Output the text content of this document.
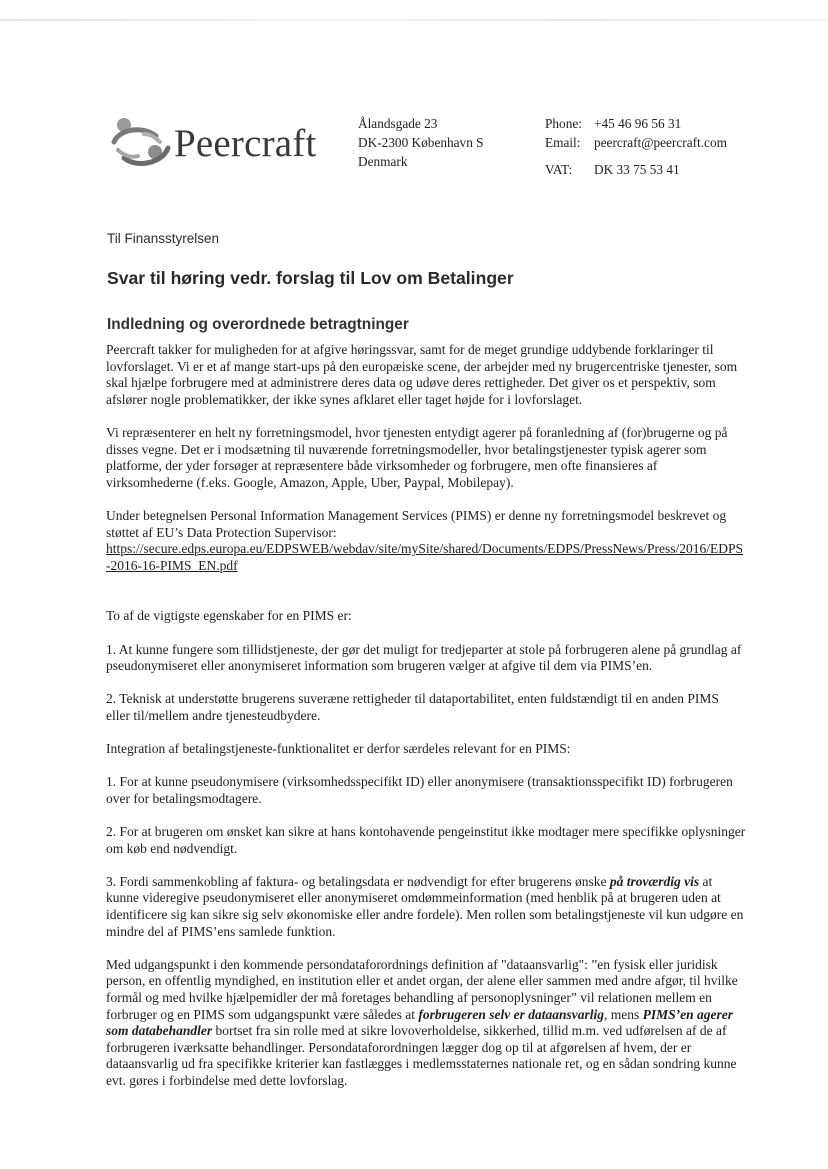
Peercraft	Ålandsgade 23
DK-2300 København S
Denmark
Phone: +45 46 96 56 31
Email:	peercraft@peercraft.com
VAT:	DK 33 75 53 41
Til Finansstyrelsen
Svar til høring vedr. forslag til Lov om Betalinger
Indledning og overordnede betragtninger

Peercraft takker for muligheden for at afgive høringssvar, samt for de meget grundige uddybende forklaringer til lovforslaget. Vi er et af mange start-ups på den europæiske scene, der arbejder med ny brugercentriske tjenester, som skal hjælpe forbrugere med at administrere deres data og udøve deres rettigheder. Det giver os et perspektiv, som afslører nogle problematikker, der ikke synes afklaret eller taget højde for i lovforslaget.

Vi repræsenterer en helt ny forretningsmodel, hvor tjenesten entydigt agerer på foranledning af (for)brugerne og på disses vegne. Det er i modsætning til nuværende forretningsmodeller, hvor betalingstjenester typisk agerer som platforme, der yder forsøger at repræsentere både virksomheder og forbrugere, men ofte finansieres af virksomhederne (f.eks. Google, Amazon, Apple, Uber, Paypal, Mobilepay).

Under betegnelsen Personal Information Management Services (PIMS) er denne ny forretningsmodel beskrevet og støttet af EU’s Data Protection Supervisor:
https://secure.edps.europa.eu/EDPSWEB/webdav/site/mySite/shared/Documents/EDPS/PressNews/Press/2016/EDPS-2016-16-PIMS_EN.pdf

To af de vigtigste egenskaber for en PIMS er:

1. At kunne fungere som tillidstjeneste, der gør det muligt for tredjeparter at stole på forbrugeren alene på grundlag af pseudonymiseret eller anonymiseret information som brugeren vælger at afgive til dem via PIMS’en.

2. Teknisk at understøtte brugerens suveræne rettigheder til dataportabilitet, enten fuldstændigt til en anden PIMS eller til/mellem andre tjenesteudbydere.

Integration af betalingstjeneste-funktionalitet er derfor særdeles relevant for en PIMS:

1. For at kunne pseudonymisere (virksomhedsspecifikt ID) eller anonymisere (transaktionsspecifikt ID) forbrugeren over for betalingsmodtagere.

2. For at brugeren om ønsket kan sikre at hans kontohavende pengeinstitut ikke modtager mere specifikke oplysninger om køb end nødvendigt.

3. Fordi sammenkobling af faktura- og betalingsdata er nødvendigt for efter brugerens ønske på troværdig vis at kunne videregive pseudonymiseret eller anonymiseret omdømmeinformation (med henblik på at brugeren uden at identificere sig kan sikre sig selv økonomiske eller andre fordele). Men rollen som betalingstjeneste vil kun udgøre en mindre del af PIMS’ens samlede funktion.

Med udgangspunkt i den kommende persondataforordnings definition af "dataansvarlig": ”en fysisk eller juridisk person, en offentlig myndighed, en institution eller et andet organ, der alene eller sammen med andre afgør, til hvilke formål og med hvilke hjælpemidler der må foretages behandling af personoplysninger” vil relationen mellem en forbruger og en PIMS som udgangspunkt være således at forbrugeren selv er dataansvarlig, mens PIMS’en agerer som databehandler bortset fra sin rolle med at sikre lovoverholdelse, sikkerhed, tillid m.m. ved udførelsen af de af forbrugeren iværksatte behandlinger. Persondataforordningen lægger dog op til at afgørelsen af hvem, der er dataansvarlig ud fra specifikke kriterier kan fastlægges i medlemsstaternes nationale ret, og en sådan sondring kunne evt. gøres i forbindelse med dette lovforslag.
